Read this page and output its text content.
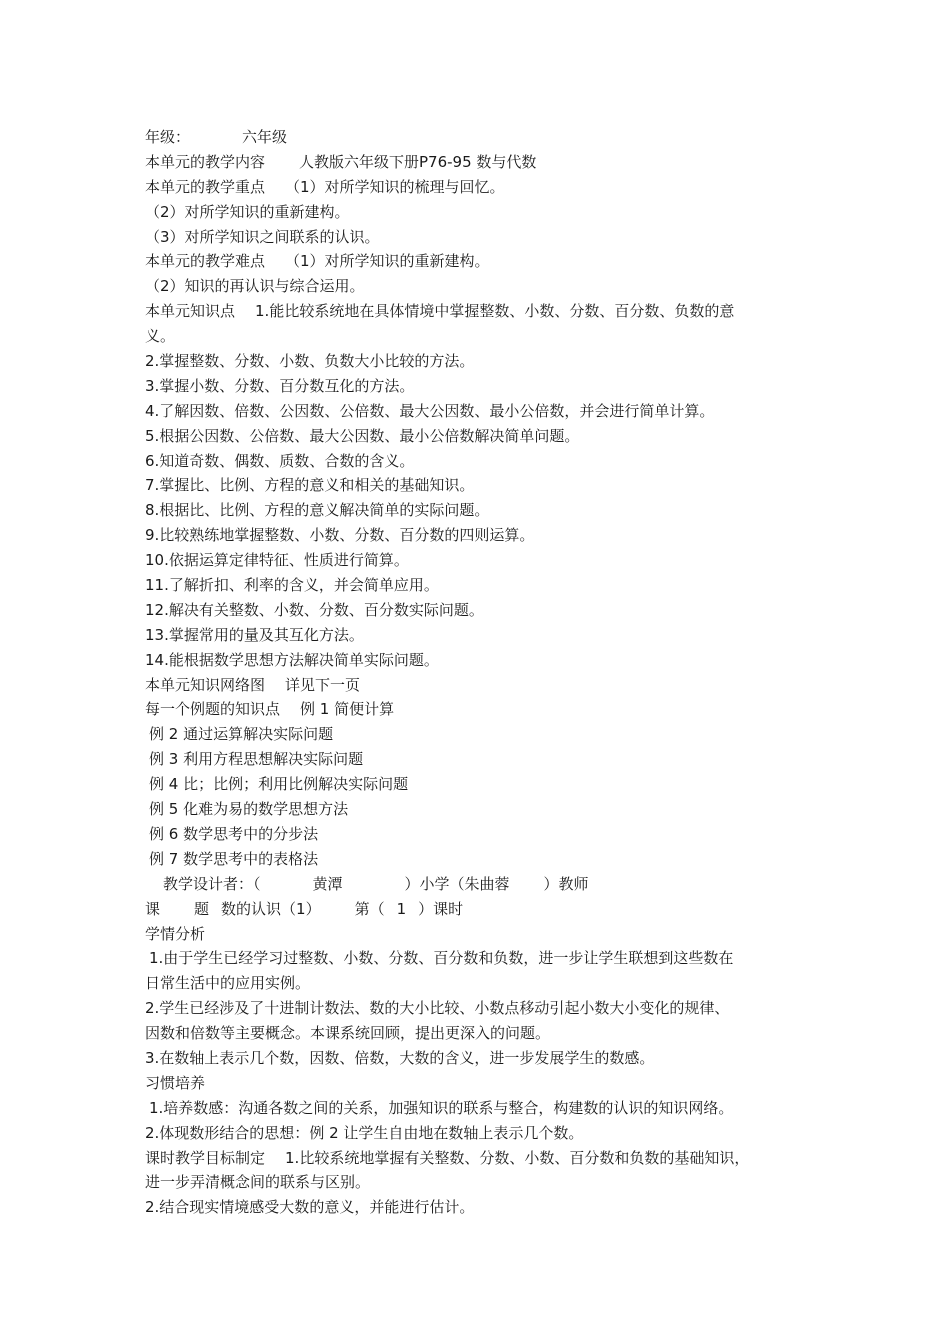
年级：	六年级
本单元的教学内容 人教版六年级下册P76-95 数与代数
本单元的教学重点 （1）对所学知识的梳理与回忆。
（2）对所学知识的重新建构。
（3）对所学知识之间联系的认识。
本单元的教学难点 （1）对所学知识的重新建构。
（2）知识的再认识与综合运用。
本单元知识点 1.能比较系统地在具体情境中掌握整数、小数、分数、百分数、负数的意
义。
2.掌握整数、分数、小数、负数大小比较的方法。
3.掌握小数、分数、百分数互化的方法。
4.了解因数、倍数、公因数、公倍数、最大公因数、最小公倍数，并会进行简单计算。
5.根据公因数、公倍数、最大公因数、最小公倍数解决简单问题。
6.知道奇数、偶数、质数、合数的含义。
7.掌握比、比例、方程的意义和相关的基础知识。
8.根据比、比例、方程的意义解决简单的实际问题。
9.比较熟练地掌握整数、小数、分数、百分数的四则运算。
10.依据运算定律特征、性质进行简算。
11.了解折扣、利率的含义，并会简单应用。
12.解决有关整数、小数、分数、百分数实际问题。
13.掌握常用的量及其互化方法。
14.能根据数学思想方法解决简单实际问题。
本单元知识网络图 详见下一页
每一个例题的知识点 例 1 简便计算
例 2 通过运算解决实际问题
例 3 利用方程思想解决实际问题
例 4 比；比例；利用比例解决实际问题
例 5 化难为易的数学思想方法
例 6 数学思考中的分步法
例 7 数学思考中的表格法
教学设计者：（	黄潭	）小学（朱曲蓉 ）教师
课 题 数的认识（1） 第（ 1 ）课时
学情分析
1.由于学生已经学习过整数、小数、分数、百分数和负数，进一步让学生联想到这些数在
日常生活中的应用实例。
2.学生已经涉及了十进制计数法、数的大小比较、小数点移动引起小数大小变化的规律、
因数和倍数等主要概念。本课系统回顾，提出更深入的问题。
3.在数轴上表示几个数，因数、倍数，大数的含义，进一步发展学生的数感。
习惯培养
1.培养数感：沟通各数之间的关系，加强知识的联系与整合，构建数的认识的知识网络。
2.体现数形结合的思想：例 2 让学生自由地在数轴上表示几个数。
课时教学目标制定 1.比较系统地掌握有关整数、分数、小数、百分数和负数的基础知识，
进一步弄清概念间的联系与区别。
2.结合现实情境感受大数的意义，并能进行估计。
